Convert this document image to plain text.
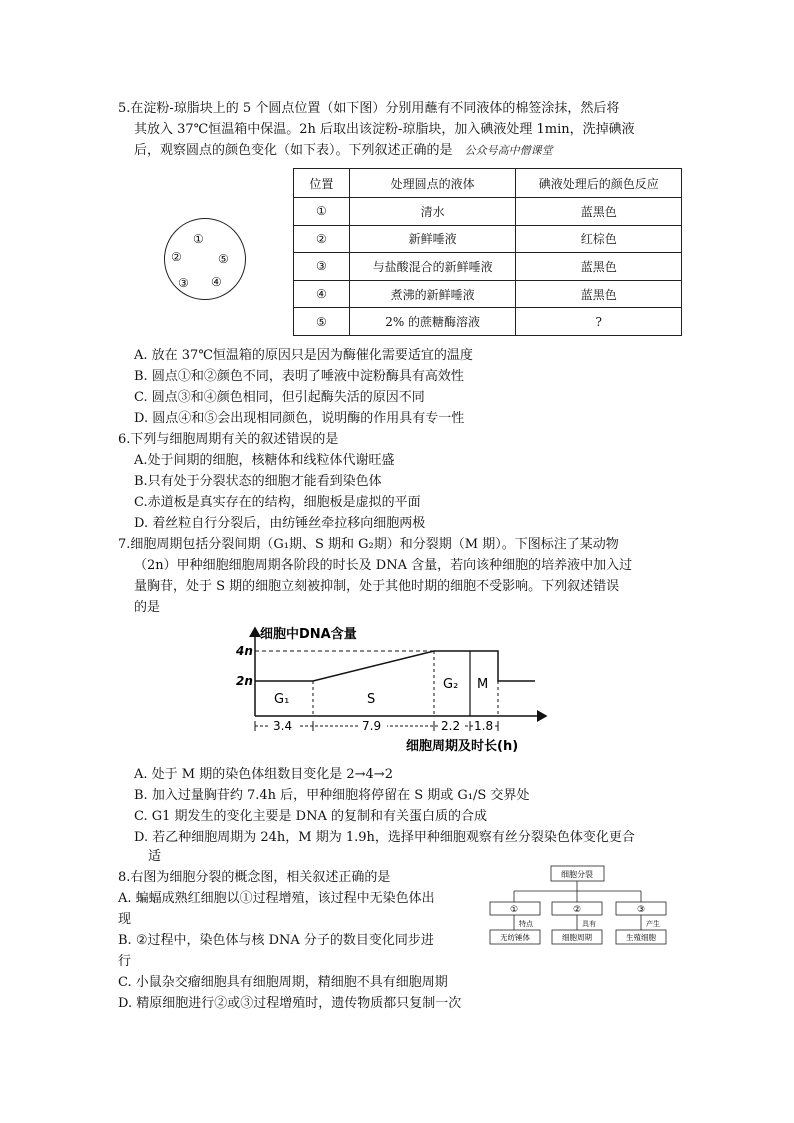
5.在淀粉-琼脂块上的 5 个圆点位置（如下图）分别用蘸有不同液体的棉签涂抹，然后将
其放入 37℃恒温箱中保温。2h 后取出该淀粉-琼脂块，加入碘液处理 1min，洗掉碘液
后，观察圆点的颜色变化（如下表）。下列叙述正确的是 公众号高中僧课堂
①
②	⑤
③ ④
位置	处理圆点的液体	碘液处理后的颜色反应
①	清水	蓝黑色
②	新鲜唾液	红棕色
③	与盐酸混合的新鲜唾液	蓝黑色
④	煮沸的新鲜唾液	蓝黑色
⑤	2% 的蔗糖酶溶液	?
A. 放在 37℃恒温箱的原因只是因为酶催化需要适宜的温度
B. 圆点①和②颜色不同，表明了唾液中淀粉酶具有高效性
C. 圆点③和④颜色相同，但引起酶失活的原因不同
D. 圆点④和⑤会出现相同颜色，说明酶的作用具有专一性
6.下列与细胞周期有关的叙述错误的是
A.处于间期的细胞，核糖体和线粒体代谢旺盛
B.只有处于分裂状态的细胞才能看到染色体
C.赤道板是真实存在的结构，细胞板是虚拟的平面
D. 着丝粒自行分裂后，由纺锤丝牵拉移向细胞两极
7.细胞周期包括分裂间期（G₁期、S 期和 G₂期）和分裂期（M 期）。下图标注了某动物
（2n）甲种细胞细胞周期各阶段的时长及 DNA 含量，若向该种细胞的培养液中加入过
量胸苷，处于 S 期的细胞立刻被抑制，处于其他时期的细胞不受影响。下列叙述错误
的是
细胞中DNA含量
4n
2n
G₁	S
G₂ M
3.4	7.9	2.2 1.8
细胞周期及时长(h)
A. 处于 M 期的染色体组数目变化是 2→4→2
B. 加入过量胸苷约 7.4h 后，甲种细胞将停留在 S 期或 G₁/S 交界处
C. G1 期发生的变化主要是 DNA 的复制和有关蛋白质的合成
D. 若乙种细胞周期为 24h，M 期为 1.9h，选择甲种细胞观察有丝分裂染色体变化更合
适
8.右图为细胞分裂的概念图，相关叙述正确的是
A. 蝙蝠成熟红细胞以①过程增殖，该过程中无染色体出
现
B. ②过程中，染色体与核 DNA 分子的数目变化同步进
行
C. 小鼠杂交瘤细胞具有细胞周期，精细胞不具有细胞周期
D. 精原细胞进行②或③过程增殖时，遗传物质都只复制一次
细胞分裂
①	②	③
特点	具有	产生
无纺锤体	细胞周期	生殖细胞
